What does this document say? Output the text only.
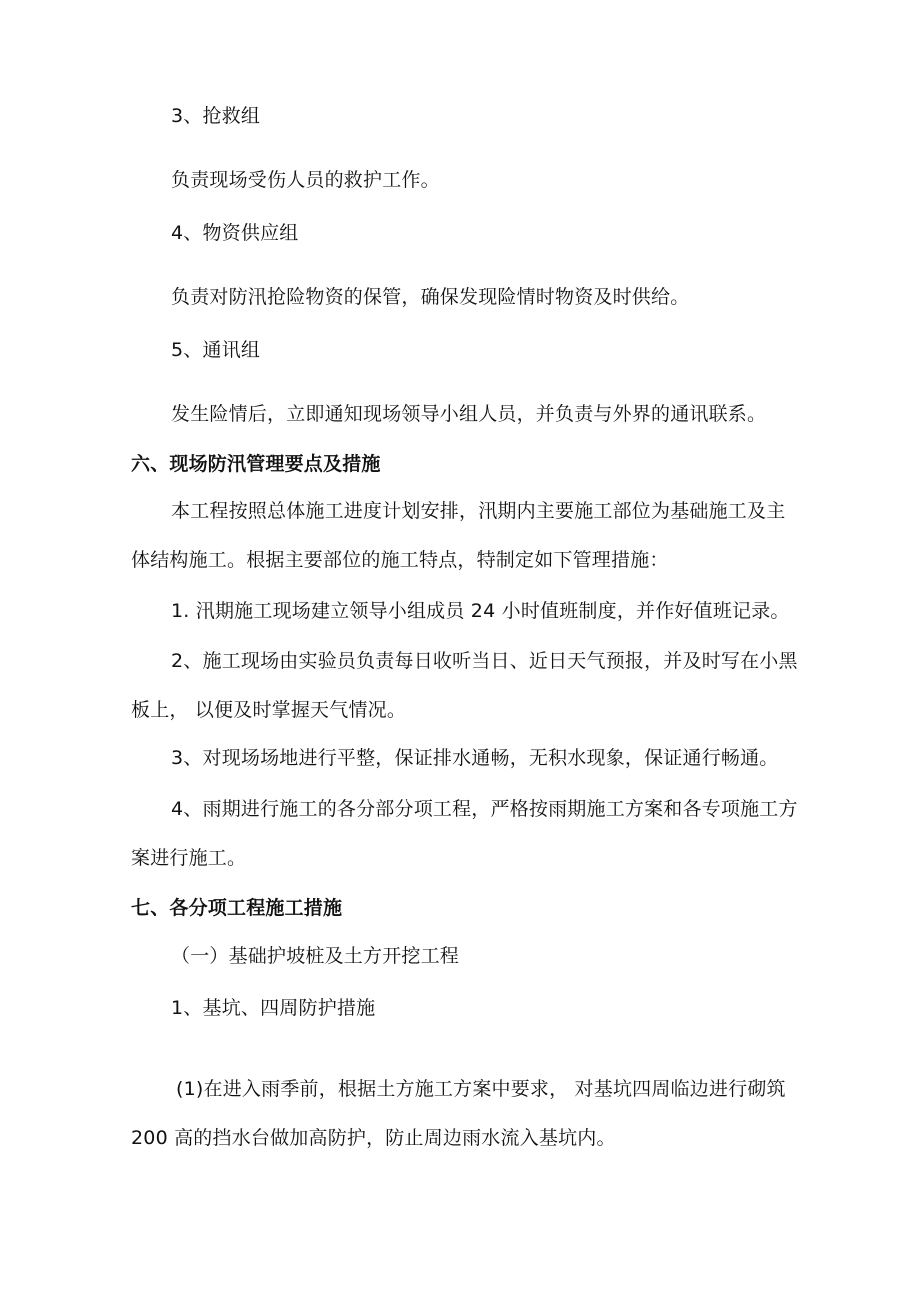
3、抢救组
负责现场受伤人员的救护工作。
4、物资供应组
负责对防汛抢险物资的保管，确保发现险情时物资及时供给。
5、通讯组
发生险情后，立即通知现场领导小组人员，并负责与外界的通讯联系。
六、现场防汛管理要点及措施
本工程按照总体施工进度计划安排，汛期内主要施工部位为基础施工及主
体结构施工。根据主要部位的施工特点，特制定如下管理措施：
1. 汛期施工现场建立领导小组成员 24 小时值班制度，并作好值班记录。
2、施工现场由实验员负责每日收听当日、近日天气预报，并及时写在小黑
板上， 以便及时掌握天气情况。
3、对现场场地进行平整，保证排水通畅，无积水现象，保证通行畅通。
4、雨期进行施工的各分部分项工程，严格按雨期施工方案和各专项施工方
案进行施工。
七、各分项工程施工措施
（一）基础护坡桩及土方开挖工程
1、基坑、四周防护措施
(1)在进入雨季前，根据土方施工方案中要求， 对基坑四周临边进行砌筑
200 高的挡水台做加高防护，防止周边雨水流入基坑内。
